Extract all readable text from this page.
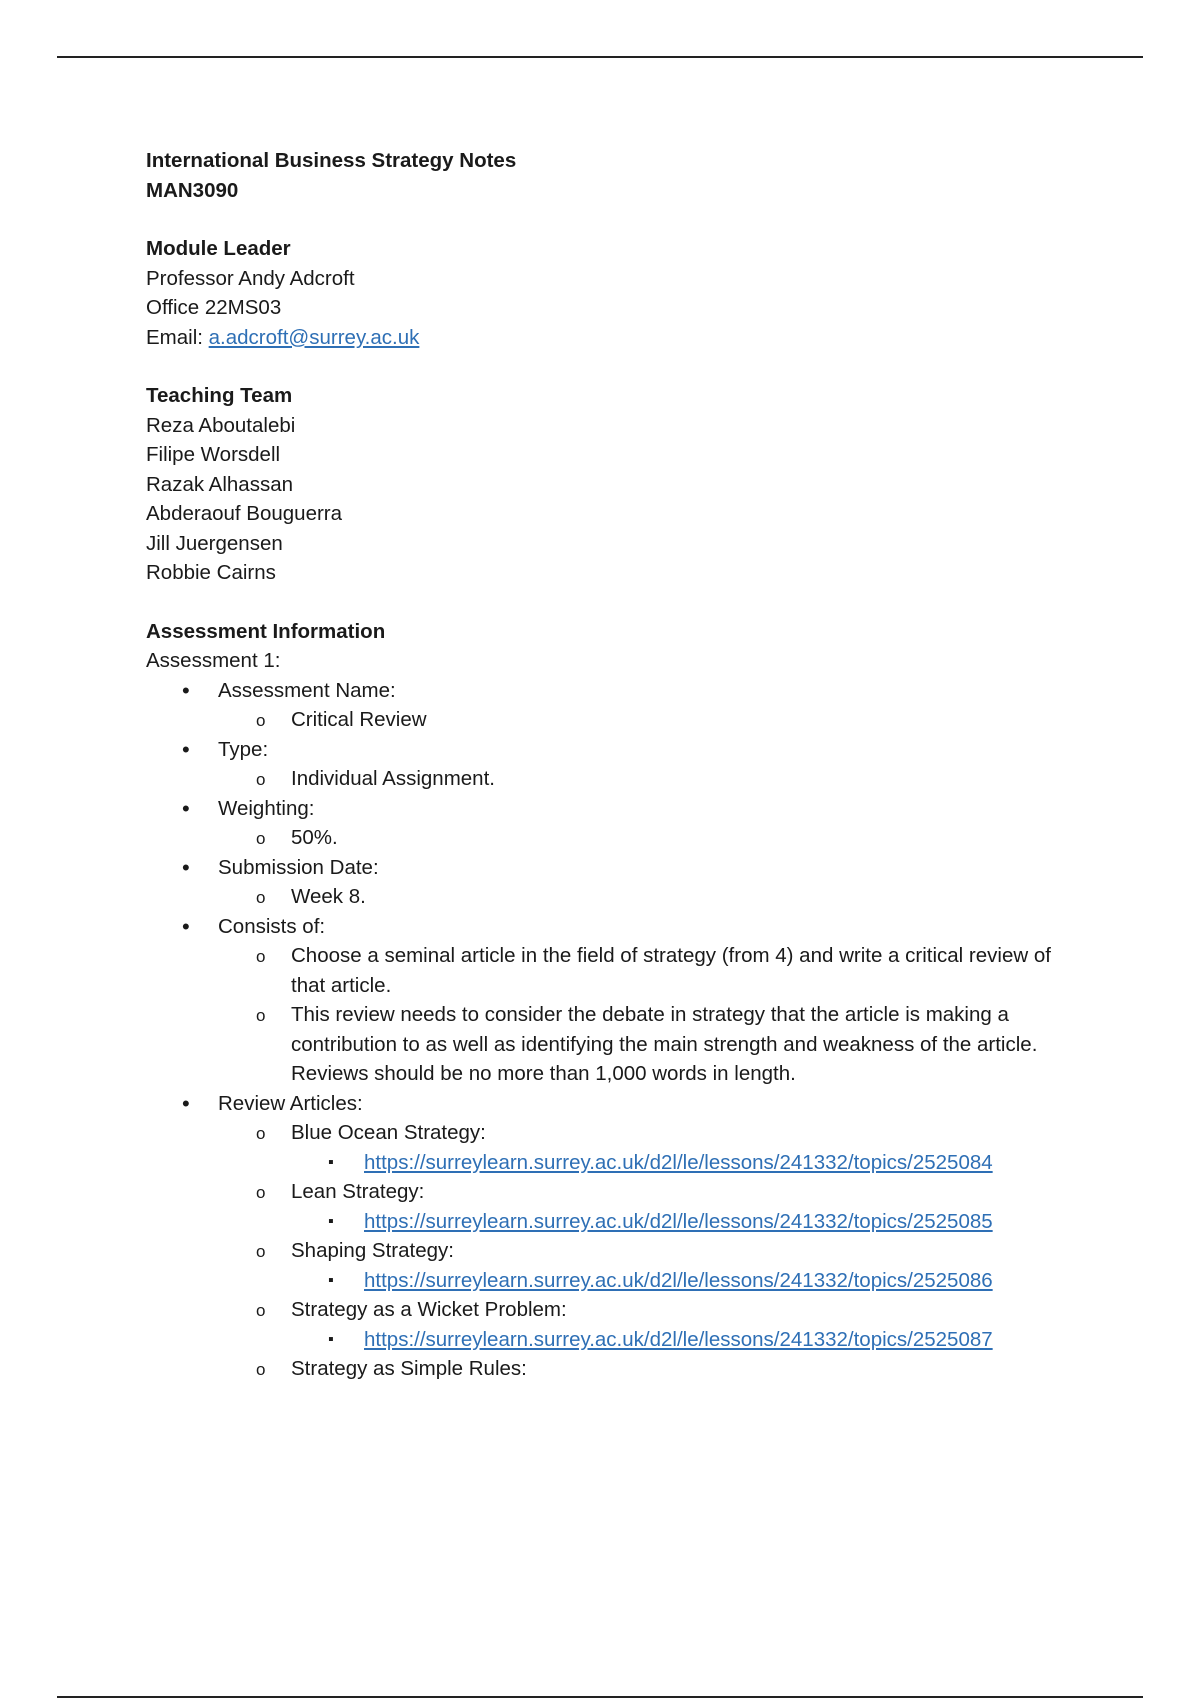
International Business Strategy Notes

MAN3090

Module Leader

Professor Andy Adcroft

Office 22MS03

Email: a.adcroft@surrey.ac.uk

Teaching Team

Reza Aboutalebi

Filipe Worsdell

Razak Alhassan

Abderaouf Bouguerra

Jill Juergensen

Robbie Cairns

Assessment Information

Assessment 1:

• Assessment Name:
o Critical Review
• Type:
o Individual Assignment.
• Weighting:
o 50%.
• Submission Date:
o Week 8.
• Consists of:
o Choose a seminal article in the field of strategy (from 4) and write a critical review of that article.
o This review needs to consider the debate in strategy that the article is making a contribution to as well as identifying the main strength and weakness of the article. Reviews should be no more than 1,000 words in length.
• Review Articles:
o Blue Ocean Strategy:
▪ https://surreylearn.surrey.ac.uk/d2l/le/lessons/241332/topics/2525084
o Lean Strategy:
▪ https://surreylearn.surrey.ac.uk/d2l/le/lessons/241332/topics/2525085
o Shaping Strategy:
▪ https://surreylearn.surrey.ac.uk/d2l/le/lessons/241332/topics/2525086
o Strategy as a Wicket Problem:
▪ https://surreylearn.surrey.ac.uk/d2l/le/lessons/241332/topics/2525087
o Strategy as Simple Rules:
